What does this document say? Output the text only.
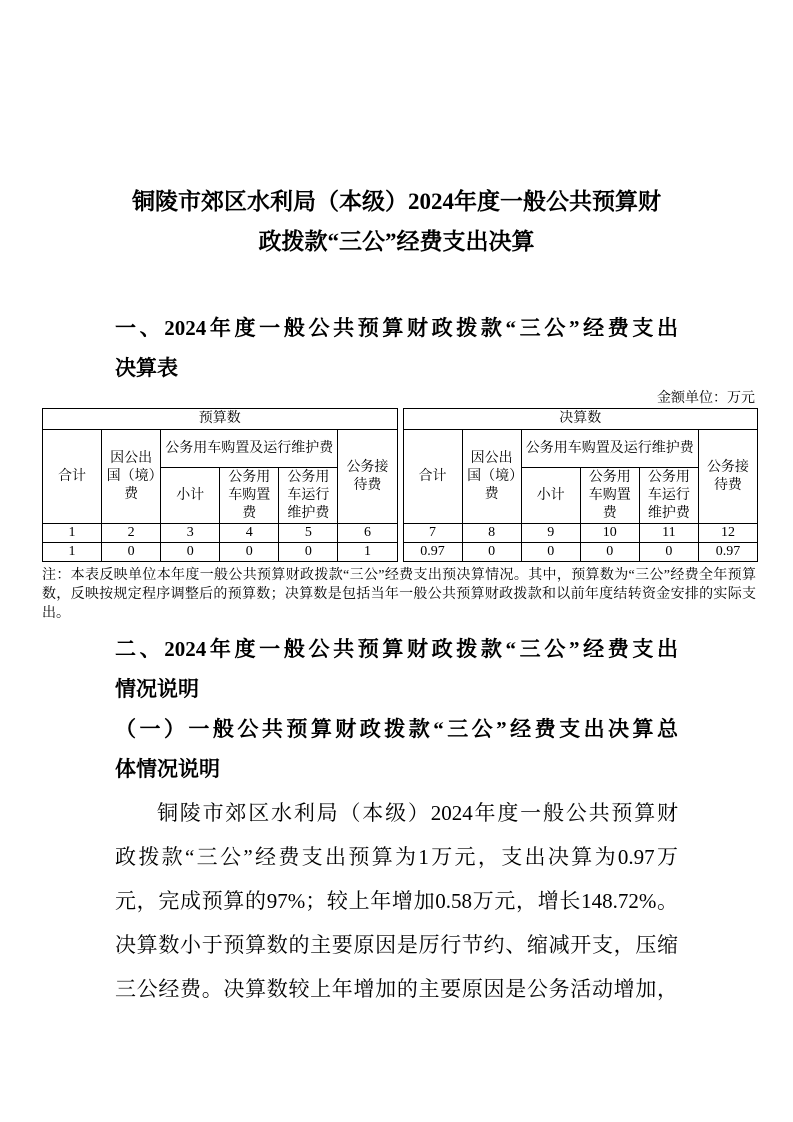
铜陵市郊区水利局（本级）2024年度一般公共预算财
政拨款“三公”经费支出决算
一、2024年度一般公共预算财政拨款“三公”经费支出
决算表
金额单位：万元
预算数					
合计	因公出国（境）费	公务用车购置及运行维护费			公务接待费
		小计	公务用车购置费	公务用车运行维护费	
1	2	3	4	5	6
1	0	0	0	0	1
决算数					
合计	因公出国（境）费	公务用车购置及运行维护费			公务接待费
		小计	公务用车购置费	公务用车运行维护费	
7	8	9	10	11	12
0.97	0	0	0	0	0.97
注：本表反映单位本年度一般公共预算财政拨款“三公”经费支出预决算情况。其中，预算数为“三公”经费全年预算数，反映按规定程序调整后的预算数；决算数是包括当年一般公共预算财政拨款和以前年度结转资金安排的实际支出。
二、2024年度一般公共预算财政拨款“三公”经费支出
情况说明
（一）一般公共预算财政拨款“三公”经费支出决算总
体情况说明
铜陵市郊区水利局（本级）2024年度一般公共预算财
政拨款“三公”经费支出预算为1万元，支出决算为0.97万
元，完成预算的97%；较上年增加0.58万元，增长148.72%。
决算数小于预算数的主要原因是厉行节约、缩减开支，压缩
三公经费。决算数较上年增加的主要原因是公务活动增加，
